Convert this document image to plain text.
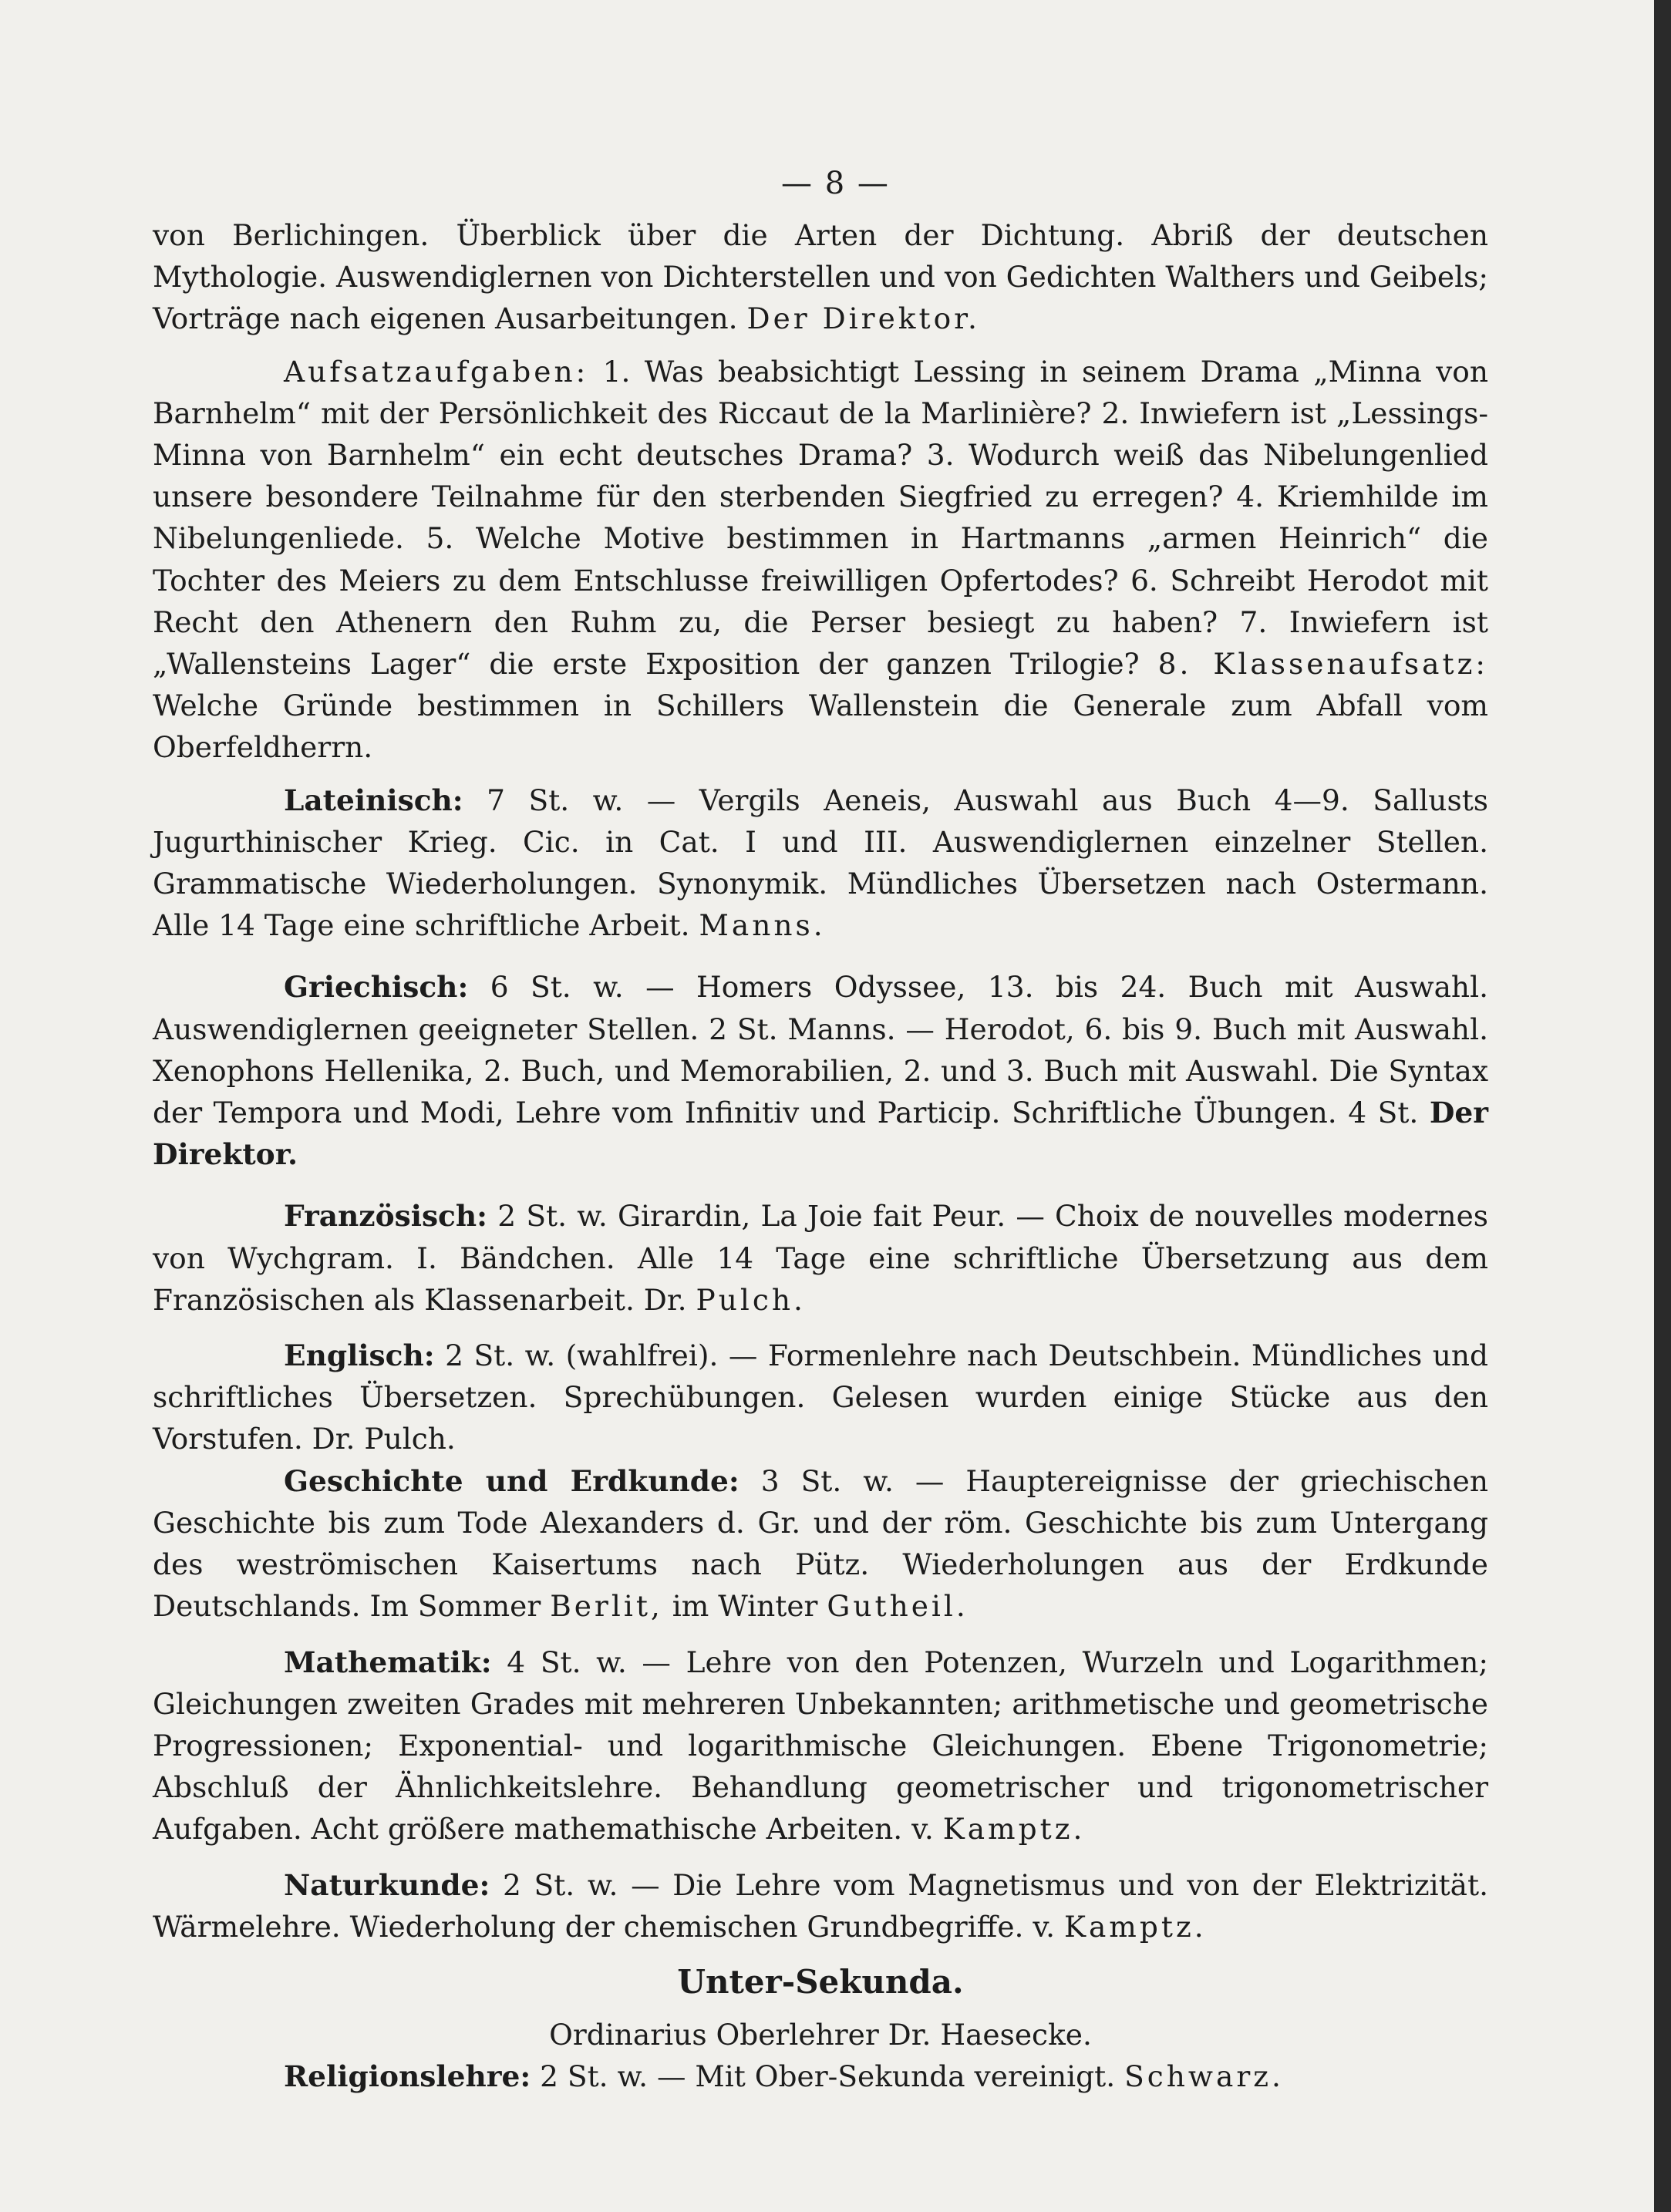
— 8 —

von Berlichingen. Überblick über die Arten der Dichtung. Abriß der deutschen Mythologie. Auswendiglernen von Dichterstellen und von Gedichten Walthers und Geibels; Vorträge nach eigenen Ausarbeitungen. Der Direktor.

Aufsatzaufgaben: 1. Was beabsichtigt Lessing in seinem Drama „Minna von Barnhelm“ mit der Persönlichkeit des Riccaut de la Marlinière? 2. Inwiefern ist „Lessings-Minna von Barnhelm“ ein echt deutsches Drama? 3. Wodurch weiß das Nibelungenlied unsere besondere Teilnahme für den sterbenden Siegfried zu erregen? 4. Kriemhilde im Nibelungenliede. 5. Welche Motive bestimmen in Hartmanns „armen Heinrich“ die Tochter des Meiers zu dem Entschlusse freiwilligen Opfertodes? 6. Schreibt Herodot mit Recht den Athenern den Ruhm zu, die Perser besiegt zu haben? 7. Inwiefern ist „Wallensteins Lager“ die erste Exposition der ganzen Trilogie? 8. Klassenaufsatz: Welche Gründe bestimmen in Schillers Wallenstein die Generale zum Abfall vom Oberfeldherrn.

Lateinisch: 7 St. w. — Vergils Aeneis, Auswahl aus Buch 4—9. Sallusts Jugurthinischer Krieg. Cic. in Cat. I und III. Auswendiglernen einzelner Stellen. Grammatische Wiederholungen. Synonymik. Mündliches Übersetzen nach Ostermann. Alle 14 Tage eine schriftliche Arbeit. Manns.

Griechisch: 6 St. w. — Homers Odyssee, 13. bis 24. Buch mit Auswahl. Auswendiglernen geeigneter Stellen. 2 St. Manns. — Herodot, 6. bis 9. Buch mit Auswahl. Xenophons Hellenika, 2. Buch, und Memorabilien, 2. und 3. Buch mit Auswahl. Die Syntax der Tempora und Modi, Lehre vom Infinitiv und Particip. Schriftliche Übungen. 4 St. Der Direktor.

Französisch: 2 St. w. Girardin, La Joie fait Peur. — Choix de nouvelles modernes von Wychgram. I. Bändchen. Alle 14 Tage eine schriftliche Übersetzung aus dem Französischen als Klassenarbeit. Dr. Pulch.

Englisch: 2 St. w. (wahlfrei). — Formenlehre nach Deutschbein. Mündliches und schriftliches Übersetzen. Sprechübungen. Gelesen wurden einige Stücke aus den Vorstufen. Dr. Pulch.

Geschichte und Erdkunde: 3 St. w. — Hauptereignisse der griechischen Geschichte bis zum Tode Alexanders d. Gr. und der röm. Geschichte bis zum Untergang des weströmischen Kaisertums nach Pütz. Wiederholungen aus der Erdkunde Deutschlands. Im Sommer Berlit, im Winter Gutheil.

Mathematik: 4 St. w. — Lehre von den Potenzen, Wurzeln und Logarithmen; Gleichungen zweiten Grades mit mehreren Unbekannten; arithmetische und geometrische Progressionen; Exponential- und logarithmische Gleichungen. Ebene Trigonometrie; Abschluß der Ähnlichkeitslehre. Behandlung geometrischer und trigonometrischer Aufgaben. Acht größere mathemathische Arbeiten. v. Kamptz.

Naturkunde: 2 St. w. — Die Lehre vom Magnetismus und von der Elektrizität. Wärmelehre. Wiederholung der chemischen Grundbegriffe. v. Kamptz.

Unter-Sekunda.

Ordinarius Oberlehrer Dr. Haesecke.

Religionslehre: 2 St. w. — Mit Ober-Sekunda vereinigt. Schwarz.
